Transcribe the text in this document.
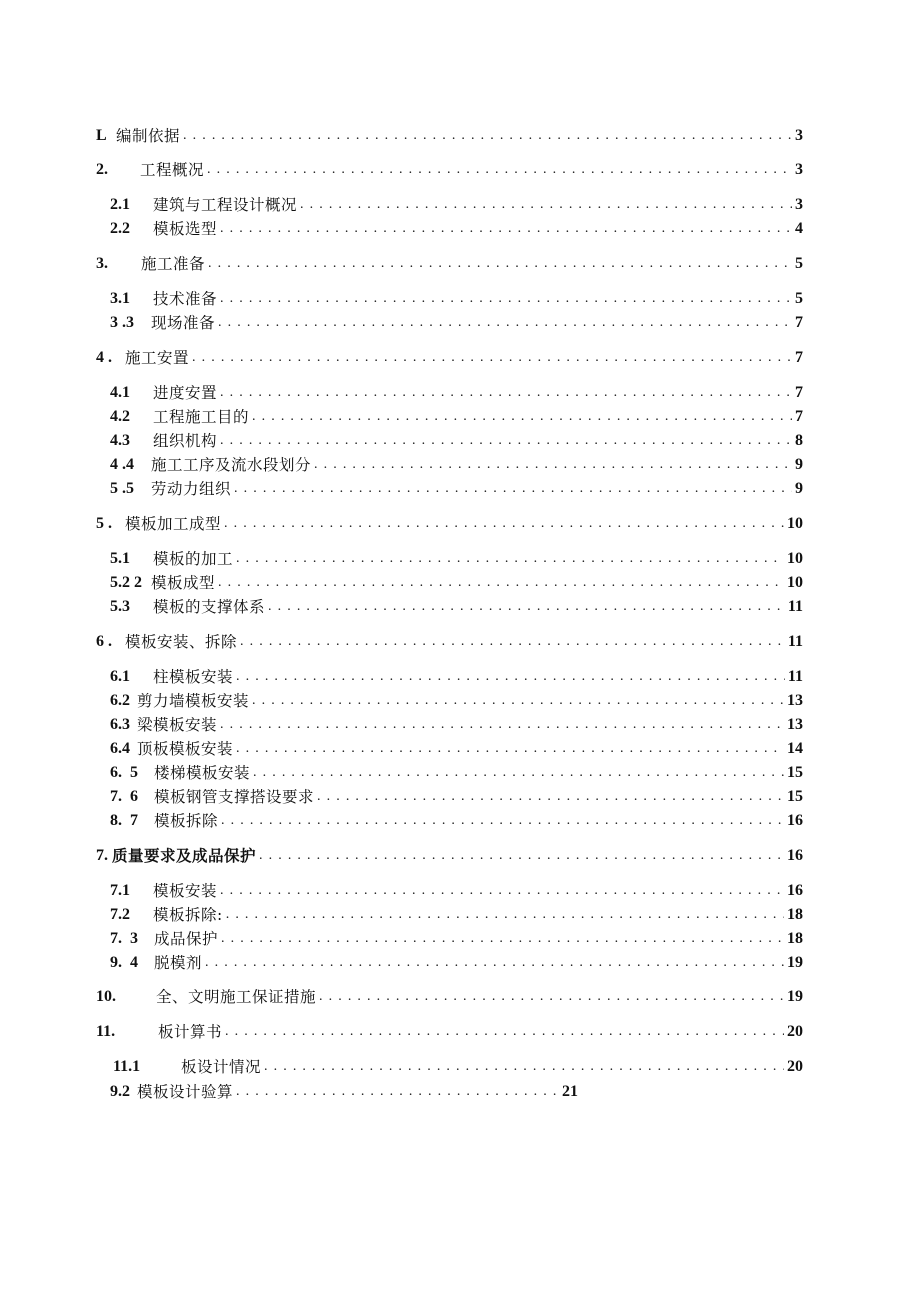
L 编制依据 . . .	3
2.	工程概况 . . .	3
2.1	建筑与工程设计概况 . . .	3
2.2	模板选型 . . .	4
3.	施工准备 . . .	5
3.1	技术准备 . . .	5
3 .3	现场准备 . . .	7
4 . 施工安置 . . .	7
4.1	进度安置 . . .	7
4.2	工程施工目的 . . .	7
4.3	组织机构 . . .	8
4 .4	施工工序及流水段划分 . . .	9
5 .5	劳动力组织 . . .	9
5 . 模板加工成型 . . .	10
5.1	模板的加工 . . .	10
5.2 2 模板成型 . . .	10
5.3	模板的支撑体系 . . .	11
6 . 模板安装、拆除 . . .	11
6.1	柱模板安装 . . .	11
6.2 剪力墙模板安装 . . .	13
6.3 梁模板安装 . . .	13
6.4 顶板模板安装 . . .	14
6.  5	楼梯模板安装 . . .	15
7.  6	模板钢管支撑搭设要求 . . .	15
8.  7	模板拆除 . . .	16
7. 质量要求及成品保护 . . .	16
7.1	模板安装 . . .	16
7.2	模板拆除: . . .	18
7.  3	成品保护 . . .	18
9.  4	脱模剂 . . .	19
10.	全、文明施工保证措施 . . .	19
11.	板计算书 . . .	20
11.1	板设计情况 . . .	20
9.2 模板设计验算 . . .	21
